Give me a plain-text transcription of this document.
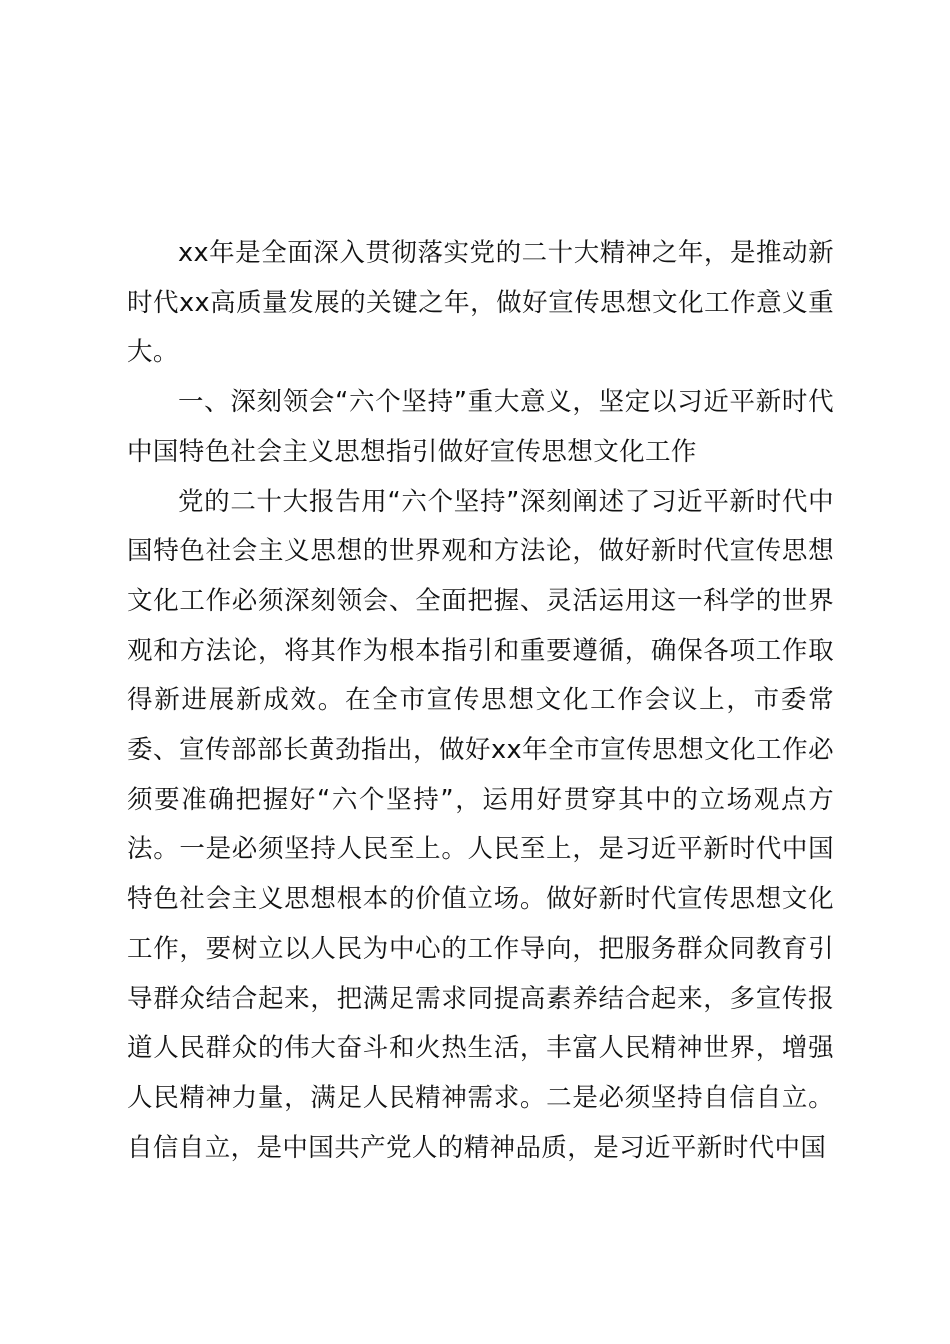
xx年是全面深入贯彻落实党的二十大精神之年，是推动新时代xx高质量发展的关键之年，做好宣传思想文化工作意义重大。

一、深刻领会“六个坚持”重大意义，坚定以习近平新时代中国特色社会主义思想指引做好宣传思想文化工作

党的二十大报告用“六个坚持”深刻阐述了习近平新时代中国特色社会主义思想的世界观和方法论，做好新时代宣传思想文化工作必须深刻领会、全面把握、灵活运用这一科学的世界观和方法论，将其作为根本指引和重要遵循，确保各项工作取得新进展新成效。在全市宣传思想文化工作会议上，市委常委、宣传部部长黄劲指出，做好xx年全市宣传思想文化工作必须要准确把握好“六个坚持”，运用好贯穿其中的立场观点方法。一是必须坚持人民至上。人民至上，是习近平新时代中国特色社会主义思想根本的价值立场。做好新时代宣传思想文化工作，要树立以人民为中心的工作导向，把服务群众同教育引导群众结合起来，把满足需求同提高素养结合起来，多宣传报道人民群众的伟大奋斗和火热生活，丰富人民精神世界，增强人民精神力量，满足人民精神需求。二是必须坚持自信自立。自信自立，是中国共产党人的精神品质，是习近平新时代中国
